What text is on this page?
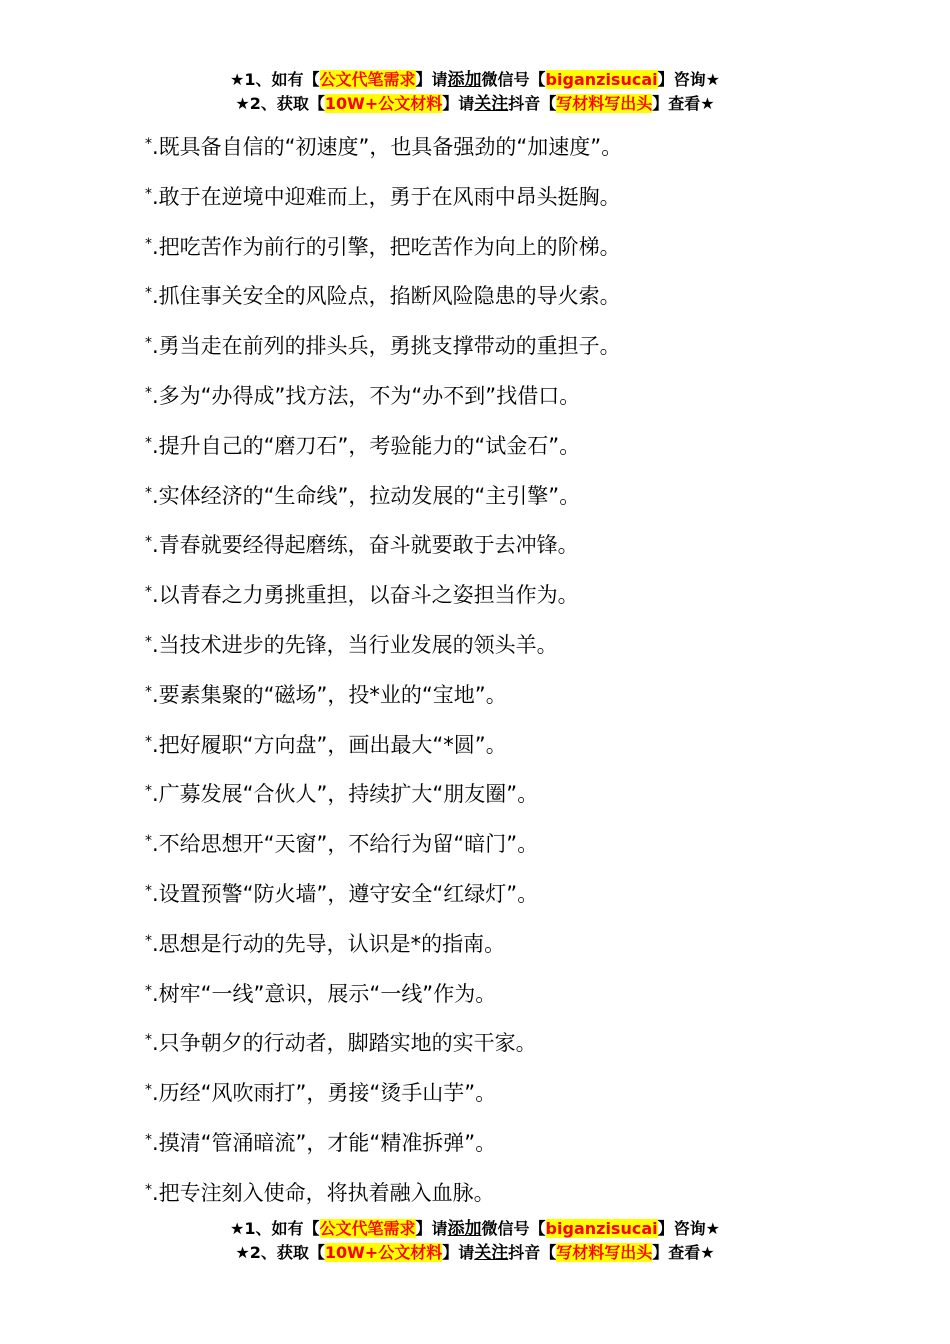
★1、如有【公文代笔需求】请添加微信号【biganzisucai】咨询★
★2、获取【10W+公文材料】请关注抖音【写材料写出头】查看★
*.既具备自信的“初速度”，也具备强劲的“加速度”。
*.敢于在逆境中迎难而上，勇于在风雨中昂头挺胸。
*.把吃苦作为前行的引擎，把吃苦作为向上的阶梯。
*.抓住事关安全的风险点，掐断风险隐患的导火索。
*.勇当走在前列的排头兵，勇挑支撑带动的重担子。
*.多为“办得成”找方法，不为“办不到”找借口。
*.提升自己的“磨刀石”，考验能力的“试金石”。
*.实体经济的“生命线”，拉动发展的“主引擎”。
*.青春就要经得起磨练，奋斗就要敢于去冲锋。
*.以青春之力勇挑重担，以奋斗之姿担当作为。
*.当技术进步的先锋，当行业发展的领头羊。
*.要素集聚的“磁场”，投*业的“宝地”。
*.把好履职“方向盘”，画出最大“*圆”。
*.广募发展“合伙人”，持续扩大“朋友圈”。
*.不给思想开“天窗”，不给行为留“暗门”。
*.设置预警“防火墙”，遵守安全“红绿灯”。
*.思想是行动的先导，认识是*的指南。
*.树牢“一线”意识，展示“一线”作为。
*.只争朝夕的行动者，脚踏实地的实干家。
*.历经“风吹雨打”，勇接“烫手山芋”。
*.摸清“管涌暗流”，才能“精准拆弹”。
*.把专注刻入使命，将执着融入血脉。
★1、如有【公文代笔需求】请添加微信号【biganzisucai】咨询★
★2、获取【10W+公文材料】请关注抖音【写材料写出头】查看★
